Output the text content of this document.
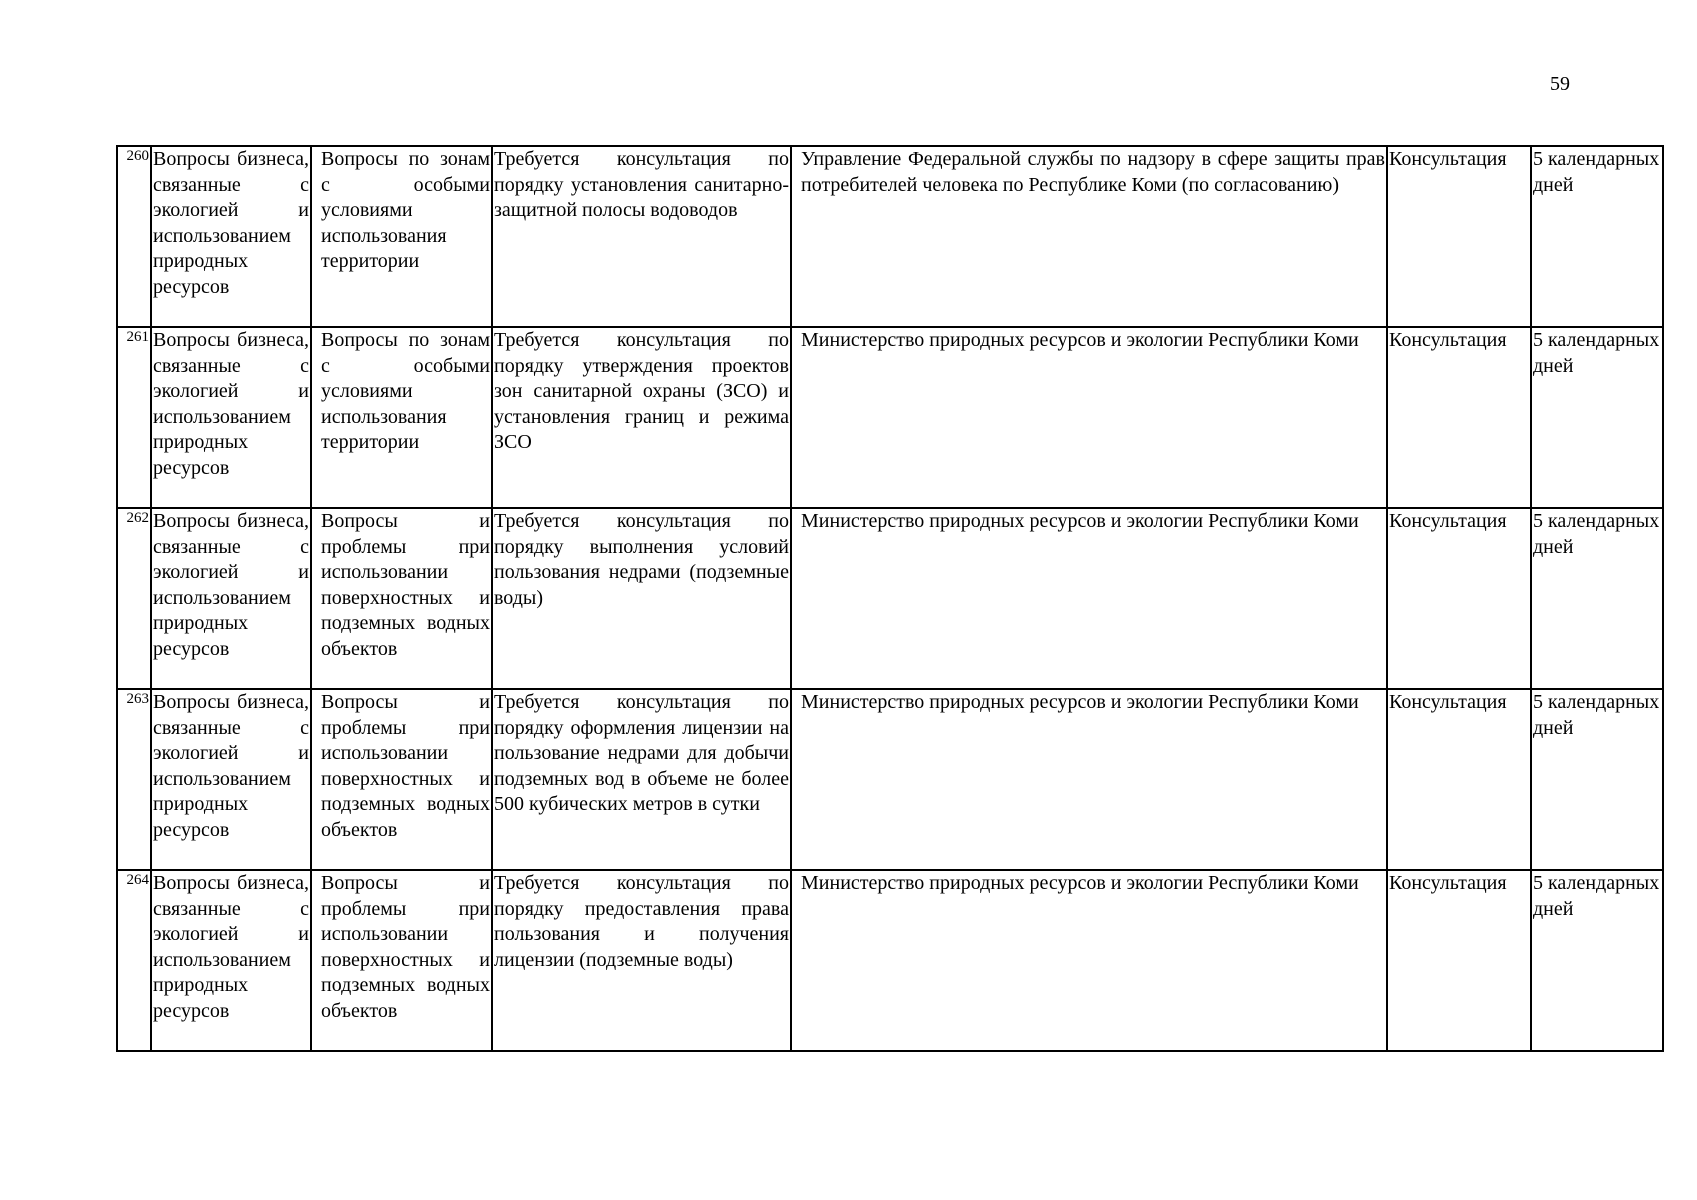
59
260	Вопросы бизнеса, связанные с экологией и использованием природных ресурсов	Вопросы по зонам с особыми условиями использования территории	Требуется консультация по порядку установления санитарно-защитной полосы водоводов	Управление Федеральной службы по надзору в сфере защиты прав потребителей человека по Республике Коми (по согласованию)	Консультация	5 календарных дней

261	Вопросы бизнеса, связанные с экологией и использованием природных ресурсов	Вопросы по зонам с особыми условиями использования территории	Требуется консультация по порядку утверждения проектов зон санитарной охраны (ЗСО) и установления границ и режима ЗСО	Министерство природных ресурсов и экологии Республики Коми	Консультация	5 календарных дней

262	Вопросы бизнеса, связанные с экологией и использованием природных ресурсов	Вопросы и проблемы при использовании поверхностных и подземных водных объектов	Требуется консультация по порядку выполнения условий пользования недрами (подземные воды)	Министерство природных ресурсов и экологии Республики Коми	Консультация	5 календарных дней

263	Вопросы бизнеса, связанные с экологией и использованием природных ресурсов	Вопросы и проблемы при использовании поверхностных и подземных водных объектов	Требуется консультация по порядку оформления лицензии на пользование недрами для добычи подземных вод в объеме не более 500 кубических метров в сутки	Министерство природных ресурсов и экологии Республики Коми	Консультация	5 календарных дней

264	Вопросы бизнеса, связанные с экологией и использованием природных ресурсов	Вопросы и проблемы при использовании поверхностных и подземных водных объектов	Требуется консультация по порядку предоставления права пользования и получения лицензии (подземные воды)	Министерство природных ресурсов и экологии Республики Коми	Консультация	5 календарных дней
